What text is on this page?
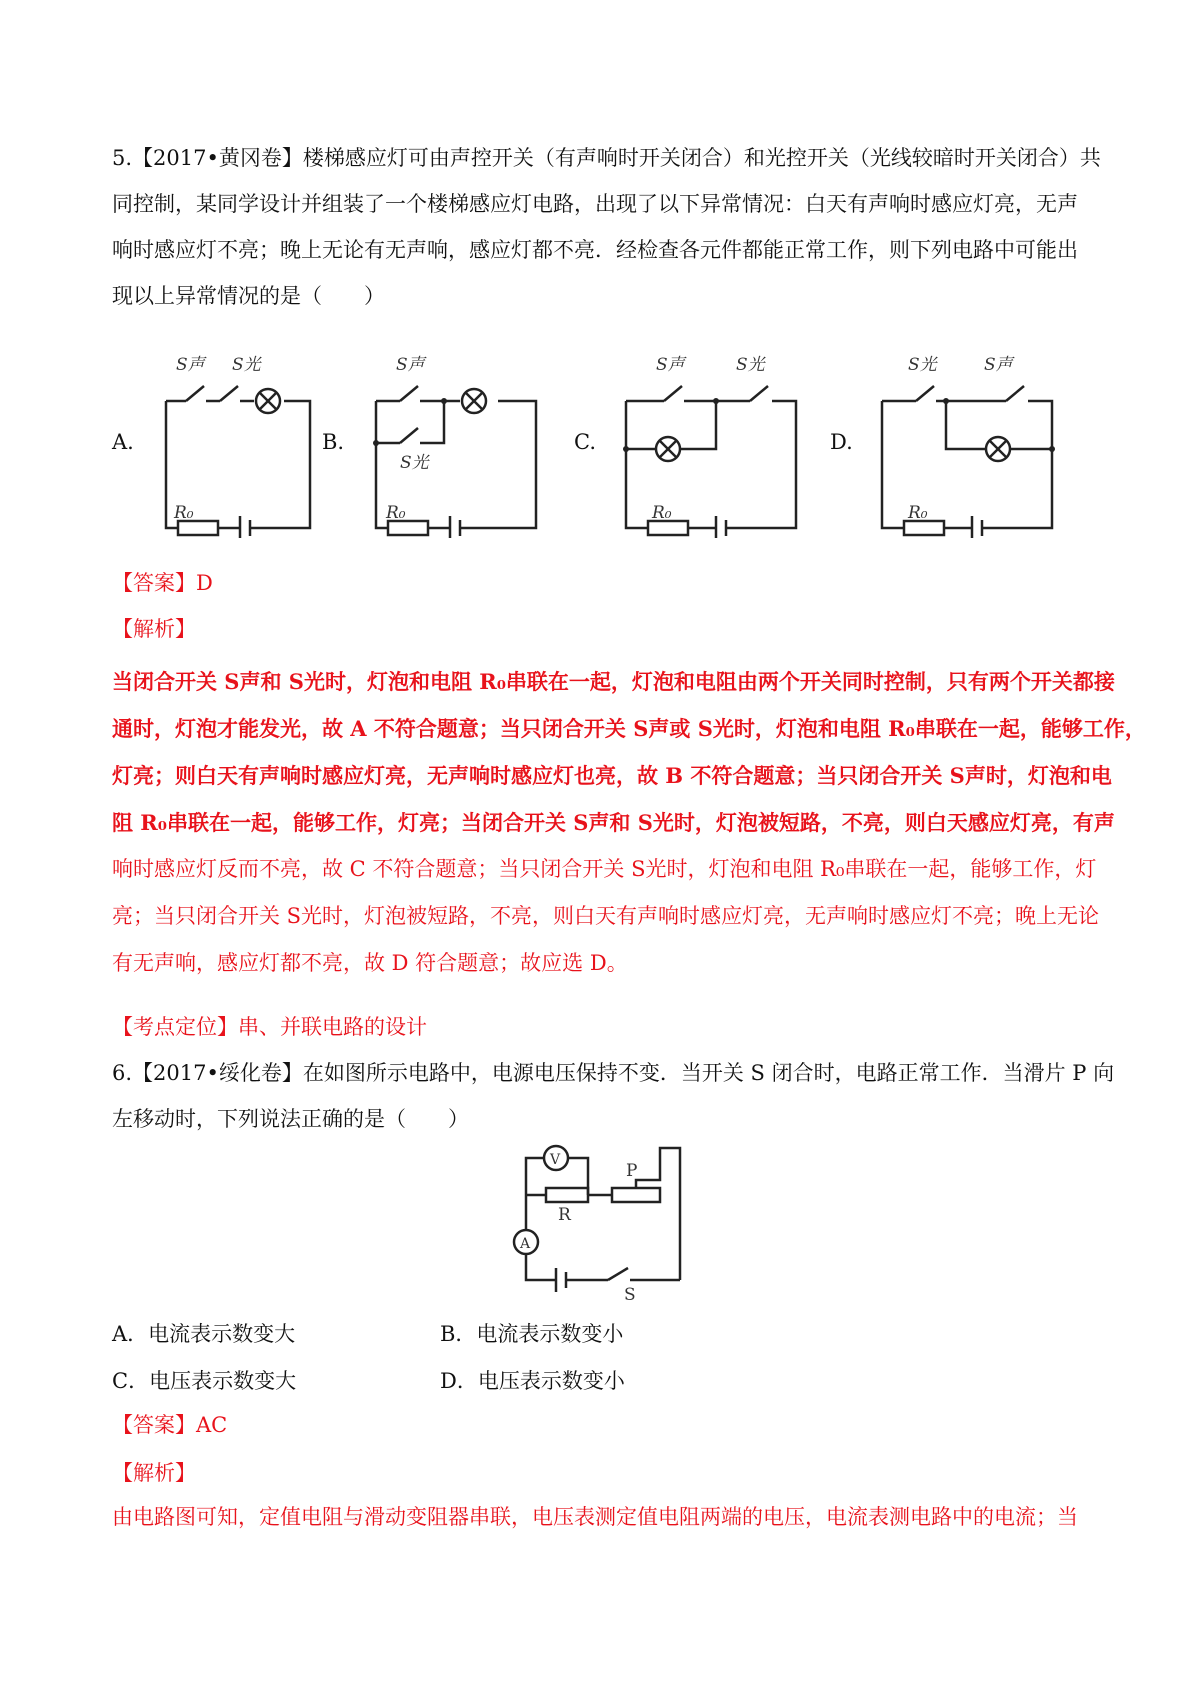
5.【2017•黄冈卷】楼梯感应灯可由声控开关（有声响时开关闭合）和光控开关（光线较暗时开关闭合）共
同控制，某同学设计并组装了一个楼梯感应灯电路，出现了以下异常情况：白天有声响时感应灯亮，无声
响时感应灯不亮；晚上无论有无声响，感应灯都不亮．经检查各元件都能正常工作，则下列电路中可能出
现以上异常情况的是（　　）

A.	B.	C.	D.
S声 S光
R₀
S声
S光
R₀
S声	S光
R₀
S光	S声
R₀
【答案】D
【解析】

当闭合开关 S声和 S光时，灯泡和电阻 R₀串联在一起，灯泡和电阻由两个开关同时控制，只有两个开关都接
通时，灯泡才能发光，故 A 不符合题意；当只闭合开关 S声或 S光时，灯泡和电阻 R₀串联在一起，能够工作，
灯亮；则白天有声响时感应灯亮，无声响时感应灯也亮，故 B 不符合题意；当只闭合开关 S声时，灯泡和电
阻 R₀串联在一起，能够工作，灯亮；当闭合开关 S声和 S光时，灯泡被短路，不亮，则白天感应灯亮，有声
响时感应灯反而不亮，故 C 不符合题意；当只闭合开关 S光时，灯泡和电阻 R₀串联在一起，能够工作，灯
亮；当只闭合开关 S光时，灯泡被短路，不亮，则白天有声响时感应灯亮，无声响时感应灯不亮；晚上无论
有无声响，感应灯都不亮，故 D 符合题意；故应选 D。

【考点定位】串、并联电路的设计

6.【2017•绥化卷】在如图所示电路中，电源电压保持不变．当开关 S 闭合时，电路正常工作．当滑片 P 向
左移动时，下列说法正确的是（　　）

V
R
P
A
S
A．电流表示数变大	B．电流表示数变小
C．电压表示数变大	D．电压表示数变小
【答案】AC
【解析】

由电路图可知，定值电阻与滑动变阻器串联，电压表测定值电阻两端的电压，电流表测电路中的电流；当
